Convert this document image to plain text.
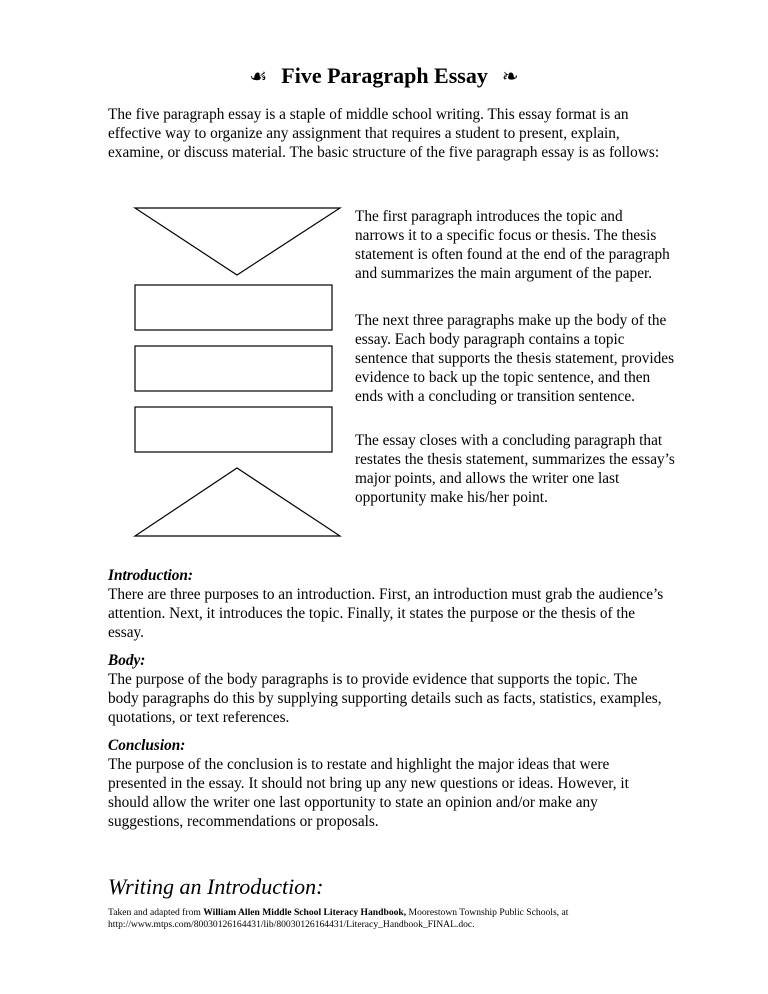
☙ Five Paragraph Essay ❧

The five paragraph essay is a staple of middle school writing. This essay format is an effective way to organize any assignment that requires a student to present, explain, examine, or discuss material. The basic structure of the five paragraph essay is as follows:

The first paragraph introduces the topic and narrows it to a specific focus or thesis. The thesis statement is often found at the end of the paragraph and summarizes the main argument of the paper.

The next three paragraphs make up the body of the essay. Each body paragraph contains a topic sentence that supports the thesis statement, provides evidence to back up the topic sentence, and then ends with a concluding or transition sentence.

The essay closes with a concluding paragraph that restates the thesis statement, summarizes the essay’s major points, and allows the writer one last opportunity make his/her point.

Introduction:

There are three purposes to an introduction. First, an introduction must grab the audience’s attention. Next, it introduces the topic. Finally, it states the purpose or the thesis of the essay.

Body:

The purpose of the body paragraphs is to provide evidence that supports the topic. The body paragraphs do this by supplying supporting details such as facts, statistics, examples, quotations, or text references.

Conclusion:

The purpose of the conclusion is to restate and highlight the major ideas that were presented in the essay. It should not bring up any new questions or ideas. However, it should allow the writer one last opportunity to state an opinion and/or make any suggestions, recommendations or proposals.

Writing an Introduction:

Taken and adapted from William Allen Middle School Literacy Handbook, Moorestown Township Public Schools, at http://www.mtps.com/80030126164431/lib/80030126164431/Literacy_Handbook_FINAL.doc.
